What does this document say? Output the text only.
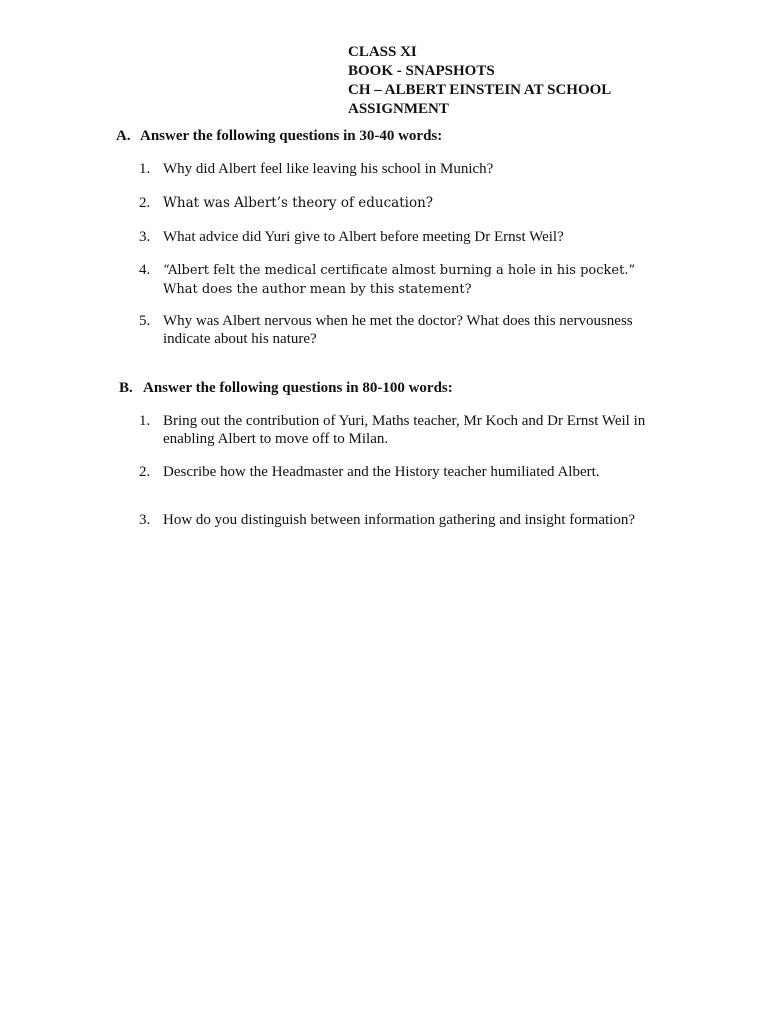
CLASS XI
BOOK - SNAPSHOTS
CH – ALBERT EINSTEIN AT SCHOOL
ASSIGNMENT
A. Answer the following questions in 30-40 words:
1. Why did Albert feel like leaving his school in Munich?
2. What was Albert’s theory of education?
3. What advice did Yuri give to Albert before meeting Dr Ernst Weil?
4. “Albert felt the medical certificate almost burning a hole in his pocket.” What does the author mean by this statement?
5. Why was Albert nervous when he met the doctor? What does this nervousness indicate about his nature?
B. Answer the following questions in 80-100 words:
1. Bring out the contribution of Yuri, Maths teacher, Mr Koch and Dr Ernst Weil in enabling Albert to move off to Milan.
2. Describe how the Headmaster and the History teacher humiliated Albert.
3. How do you distinguish between information gathering and insight formation?
